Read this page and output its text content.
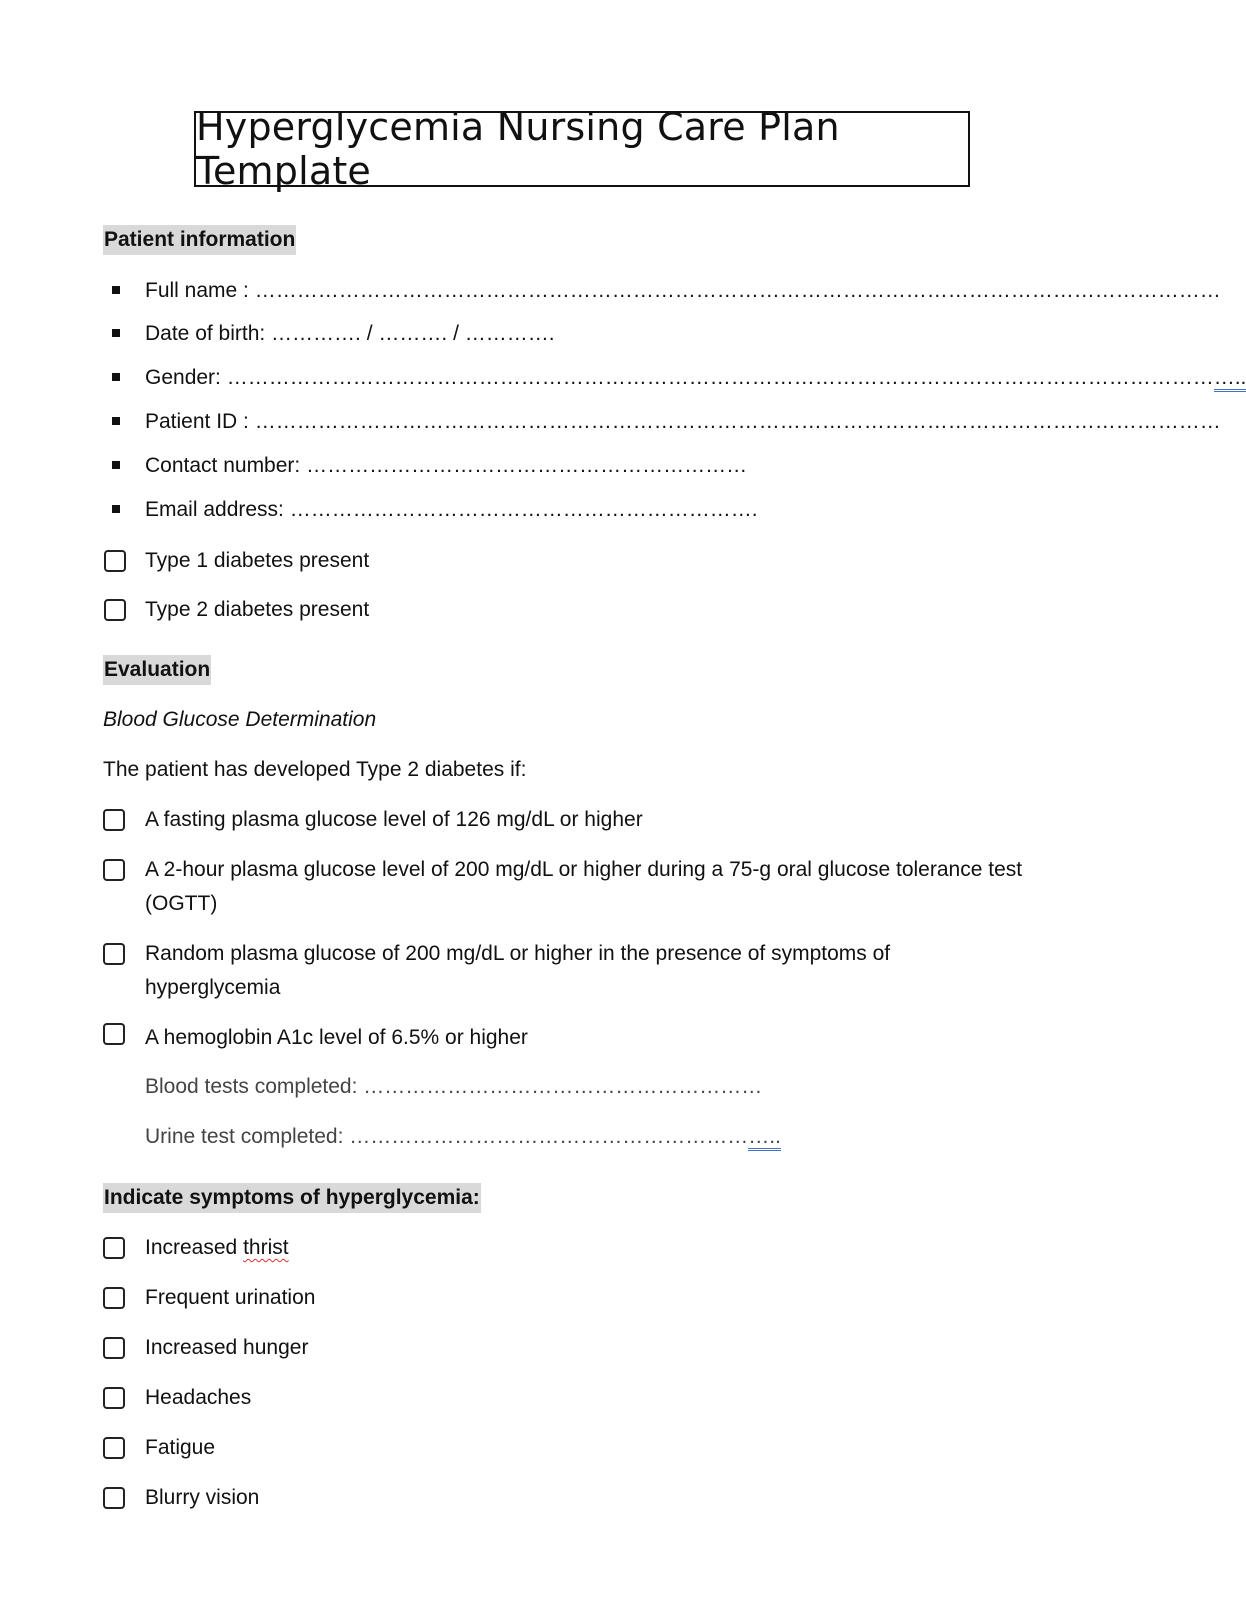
Hyperglycemia Nursing Care Plan Template
Patient information
Full name : …………………………………………………………………………………………………………………………
Date of birth: …………. / ………. / ………….
Gender: ………………………………………………………………………………………………………………………………..
Patient ID : …………………………………………………………………………………………………………………………
Contact number: ………………………………………………………
Email address: ………………………………………………………….
Type 1 diabetes present
Type 2 diabetes present
Evaluation
Blood Glucose Determination
The patient has developed Type 2 diabetes if:
A fasting plasma glucose level of 126 mg/dL or higher
A 2-hour plasma glucose level of 200 mg/dL or higher during a 75-g oral glucose tolerance test
(OGTT)
Random plasma glucose of 200 mg/dL or higher in the presence of symptoms of
hyperglycemia
A hemoglobin A1c level of 6.5% or higher
Blood tests completed: …………………………………………………
Urine test completed: ……………………………………………………..
Indicate symptoms of hyperglycemia:
Increased thrist
Frequent urination
Increased hunger
Headaches
Fatigue
Blurry vision
